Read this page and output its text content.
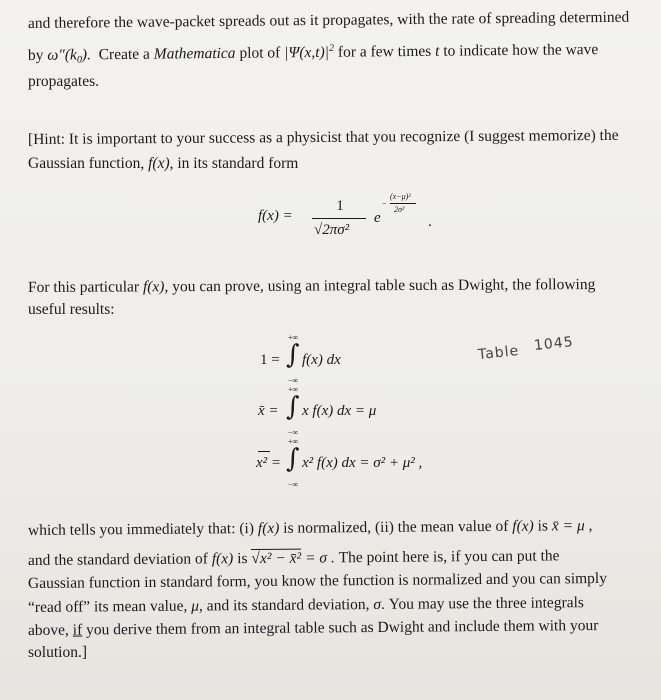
and therefore the wave-packet spreads out as it propagates, with the rate of spreading determined
by $\omega"(k_0)$. Create a Mathematica plot of $|\Psi(x,t)|^2$ for a few times t to indicate how the wave
propagates.
[Hint: It is important to your success as a physicist that you recognize (I suggest memorize) the
Gaussian function, f(x), in its standard form
f(x) =
1
√2πσ²
e
−
(x−μ)²
2σ²
.
For this particular f(x), you can prove, using an integral table such as Dwight, the following
useful results:
1 =
+∞
∫
−∞
f(x) dx
x̄ =
+∞
∫
−∞
x f(x) dx = μ
x² =
+∞
∫
−∞
x² f(x) dx = σ² + μ² ,
Table 1045
which tells you immediately that: (i) f(x) is normalized, (ii) the mean value of f(x) is x̄ = μ ,
and the standard deviation of f(x) is √x² − x̄² = σ . The point here is, if you can put the
Gaussian function in standard form, you know the function is normalized and you can simply
“read off” its mean value, μ, and its standard deviation, σ. You may use the three integrals
above, if you derive them from an integral table such as Dwight and include them with your
solution.]
